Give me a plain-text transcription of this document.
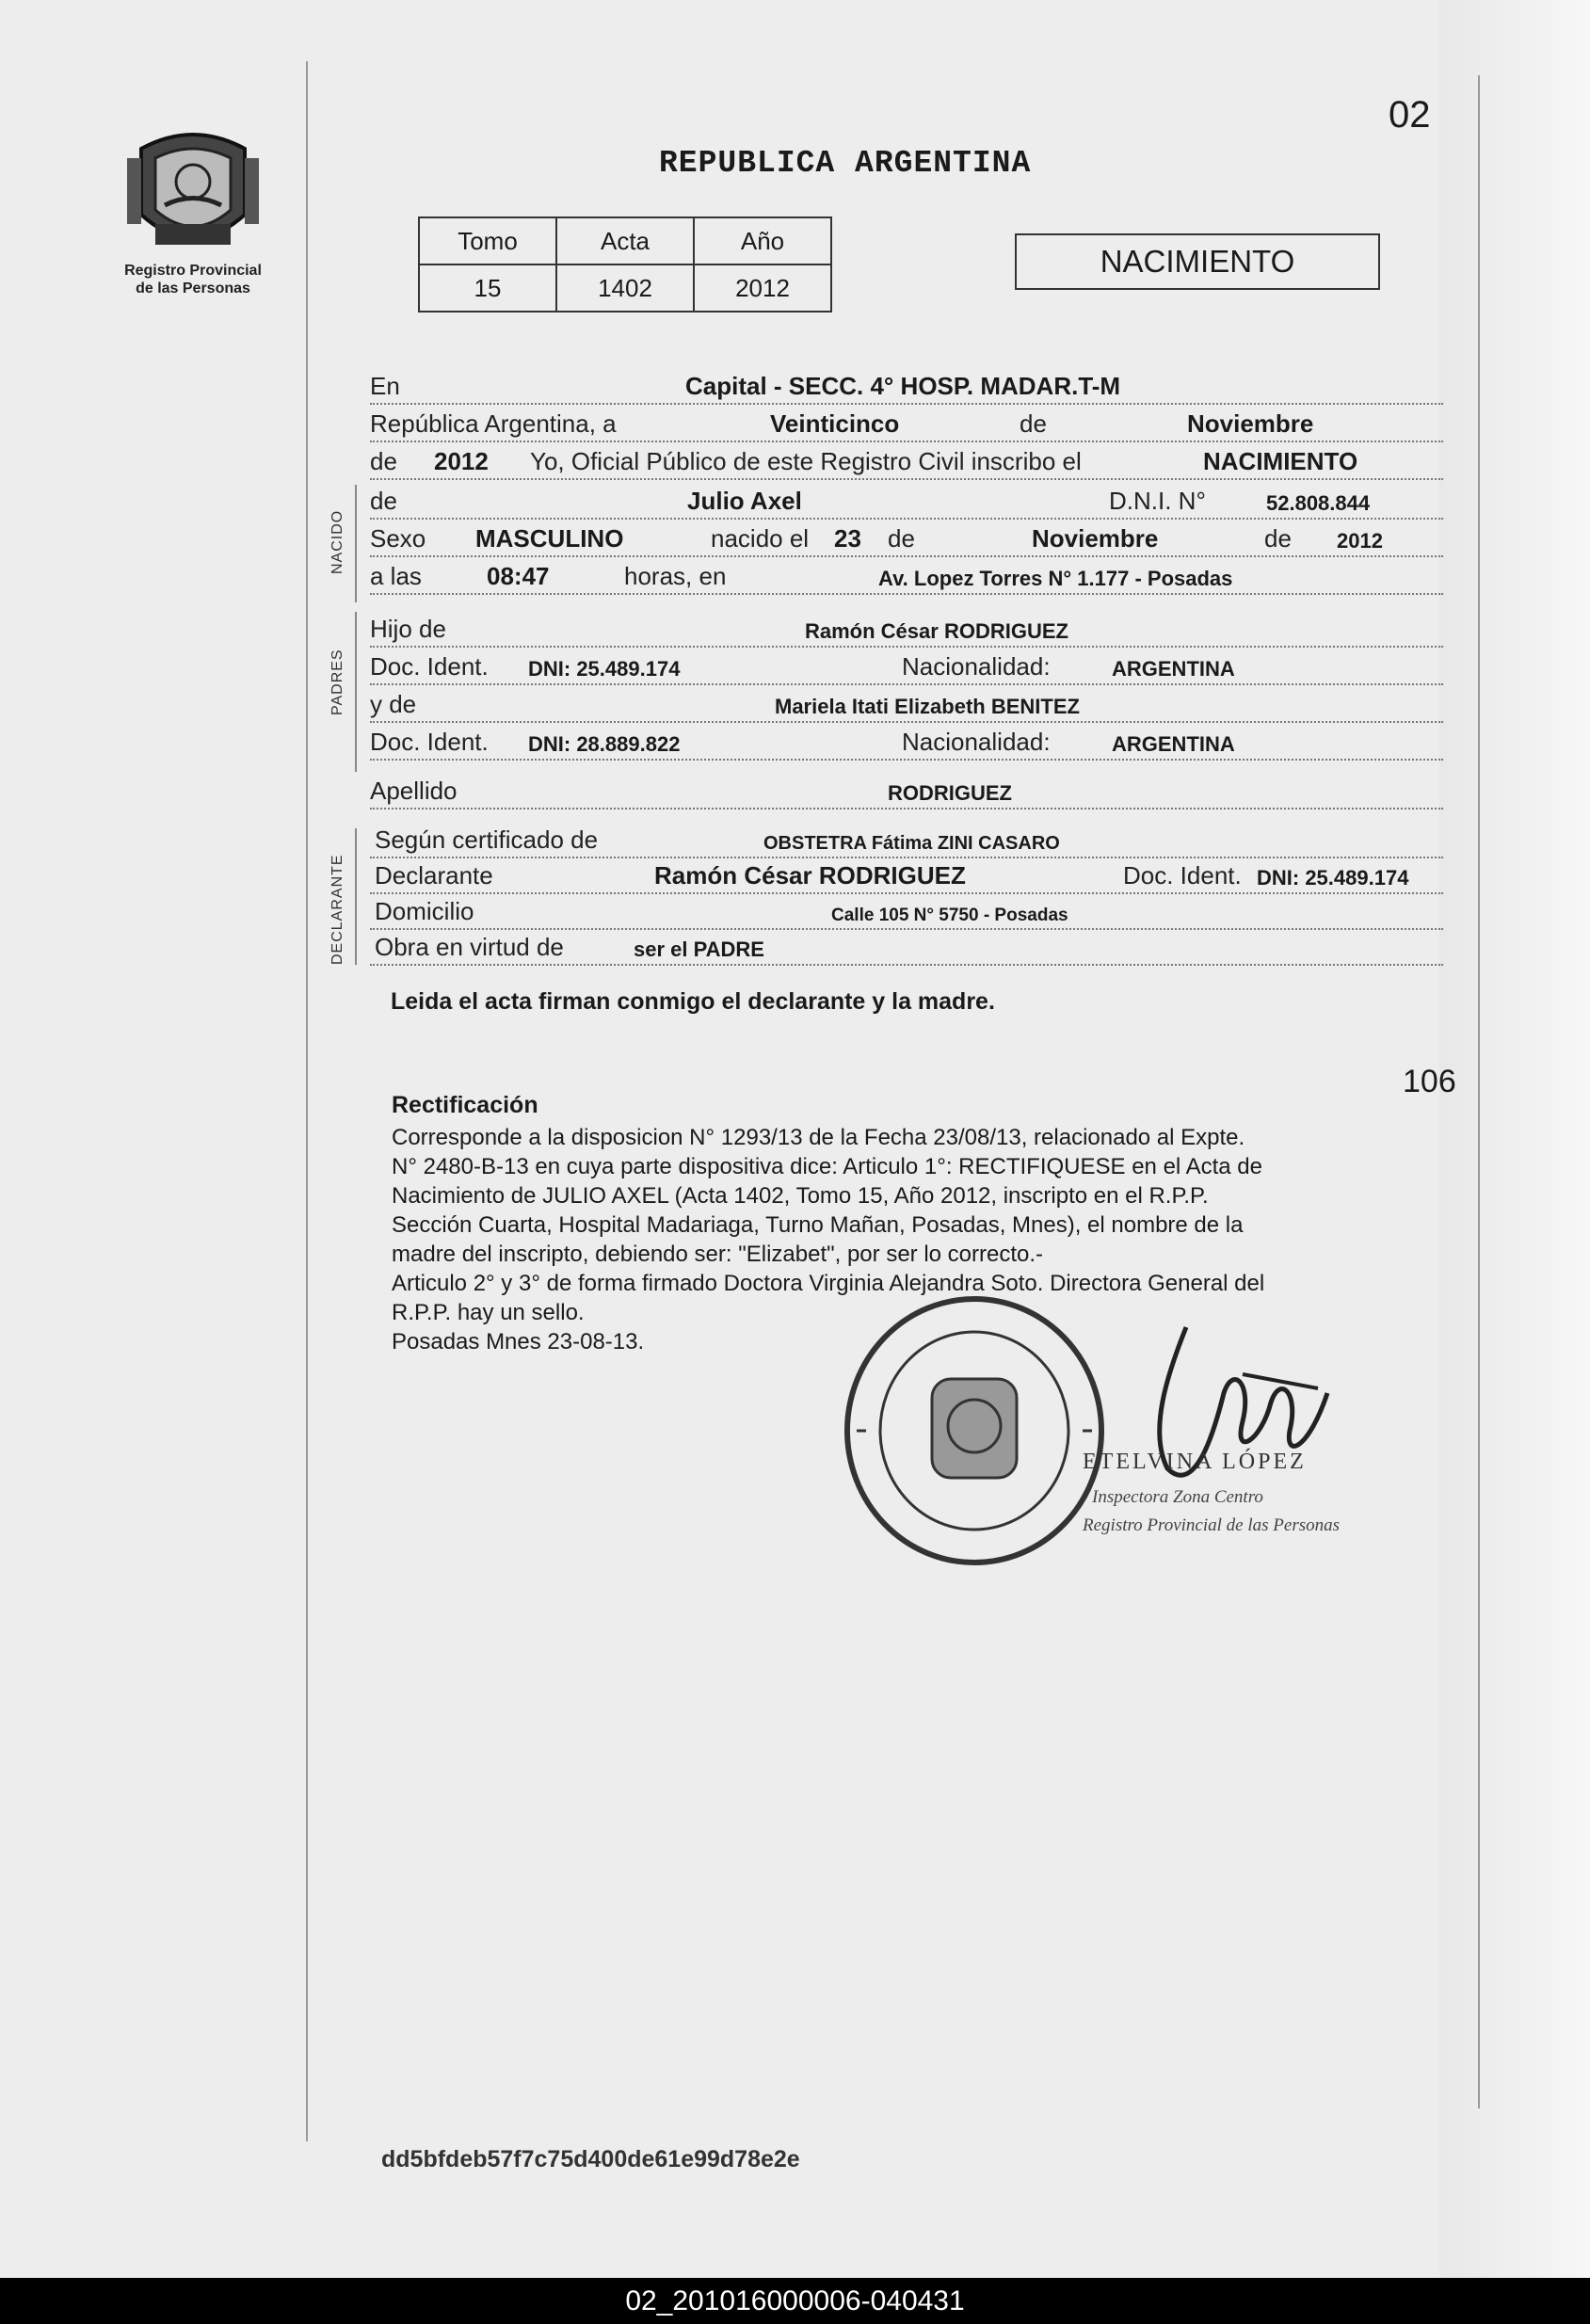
Registro Provincial
de las Personas
02
REPUBLICA ARGENTINA
Tomo	Acta	Año
15	1402	2012
NACIMIENTO
En	Capital - SECC. 4° HOSP. MADAR.T-M
República Argentina, a	Veinticinco	de	Noviembre
de 2012 Yo, Oficial Público de este Registro Civil inscribo el	NACIMIENTO
NACIDO
de	Julio Axel	D.N.I. N°	52.808.844
Sexo MASCULINO	nacido el 23 de	Noviembre	de 2012
a las	08:47	horas, en	Av. Lopez Torres N° 1.177 - Posadas
PADRES
Hijo de	Ramón César RODRIGUEZ
Doc. Ident. DNI: 25.489.174	Nacionalidad:	ARGENTINA
y de	Mariela Itati Elizabeth BENITEZ
Doc. Ident. DNI: 28.889.822	Nacionalidad:	ARGENTINA
Apellido	RODRIGUEZ
DECLARANTE
Según certificado de	OBSTETRA Fátima ZINI CASARO
Declarante	Ramón César RODRIGUEZ	Doc. Ident. DNI: 25.489.174
Domicilio	Calle 105 N° 5750 - Posadas
Obra en virtud de	ser el PADRE
Leida el acta firman conmigo el declarante y la madre.
106
Rectificación
Corresponde a la disposicion N° 1293/13 de la Fecha 23/08/13, relacionado al Expte.
N° 2480-B-13 en cuya parte dispositiva dice: Articulo 1°: RECTIFIQUESE en el Acta de
Nacimiento de JULIO AXEL (Acta 1402, Tomo 15, Año 2012, inscripto en el R.P.P.
Sección Cuarta, Hospital Madariaga, Turno Mañan, Posadas, Mnes), el nombre de la
madre del inscripto, debiendo ser: "Elizabet", por ser lo correcto.-
Articulo 2° y 3° de forma firmado Doctora Virginia Alejandra Soto. Directora General del
R.P.P. hay un sello.
Posadas Mnes 23-08-13.
ETELVINA LÓPEZ
Inspectora Zona Centro
Registro Provincial de las Personas
dd5bfdeb57f7c75d400de61e99d78e2e
02_201016000006-040431
